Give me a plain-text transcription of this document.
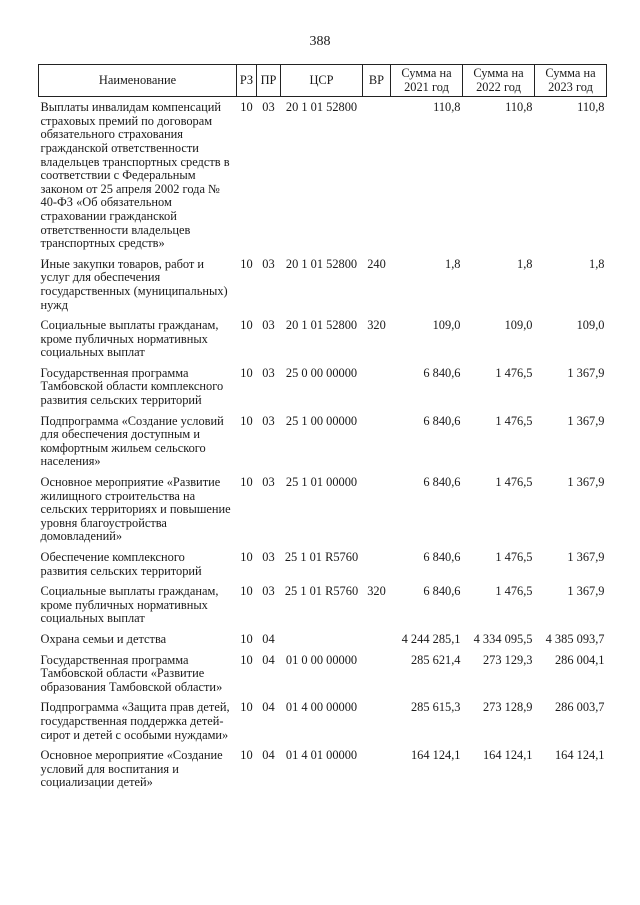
388
Наименование	РЗ	ПР	ЦСР	ВР	Сумма на 2021 год	Сумма на 2022 год	Сумма на 2023 год

Выплаты инвалидам компенсаций страховых премий по договорам обязательного страхования гражданской ответственности владельцев транспортных средств в соответствии с Федеральным законом от 25 апреля 2002 года № 40-ФЗ «Об обязательном страховании гражданской ответственности владельцев транспортных средств»	10	03	20 1 01 52800		110,8	110,8	110,8
Иные закупки товаров, работ и услуг для обеспечения государственных (муниципальных) нужд	10	03	20 1 01 52800	240	1,8	1,8	1,8
Социальные выплаты гражданам, кроме публичных нормативных социальных выплат	10	03	20 1 01 52800	320	109,0	109,0	109,0
Государственная программа Тамбовской области комплексного развития сельских территорий	10	03	25 0 00 00000		6 840,6	1 476,5	1 367,9
Подпрограмма «Создание условий для обеспечения доступным и комфортным жильем сельского населения»	10	03	25 1 00 00000		6 840,6	1 476,5	1 367,9
Основное мероприятие «Развитие жилищного строительства на сельских территориях и повышение уровня благоустройства домовладений»	10	03	25 1 01 00000		6 840,6	1 476,5	1 367,9
Обеспечение комплексного развития сельских территорий	10	03	25 1 01 R5760		6 840,6	1 476,5	1 367,9
Социальные выплаты гражданам, кроме публичных нормативных социальных выплат	10	03	25 1 01 R5760	320	6 840,6	1 476,5	1 367,9
Охрана семьи и детства	10	04			4 244 285,1	4 334 095,5	4 385 093,7
Государственная программа Тамбовской области «Развитие образования Тамбовской области»	10	04	01 0 00 00000		285 621,4	273 129,3	286 004,1
Подпрограмма «Защита прав детей, государственная поддержка детей-сирот и детей с особыми нуждами»	10	04	01 4 00 00000		285 615,3	273 128,9	286 003,7
Основное мероприятие «Создание условий для воспитания и социализации детей»	10	04	01 4 01 00000		164 124,1	164 124,1	164 124,1
